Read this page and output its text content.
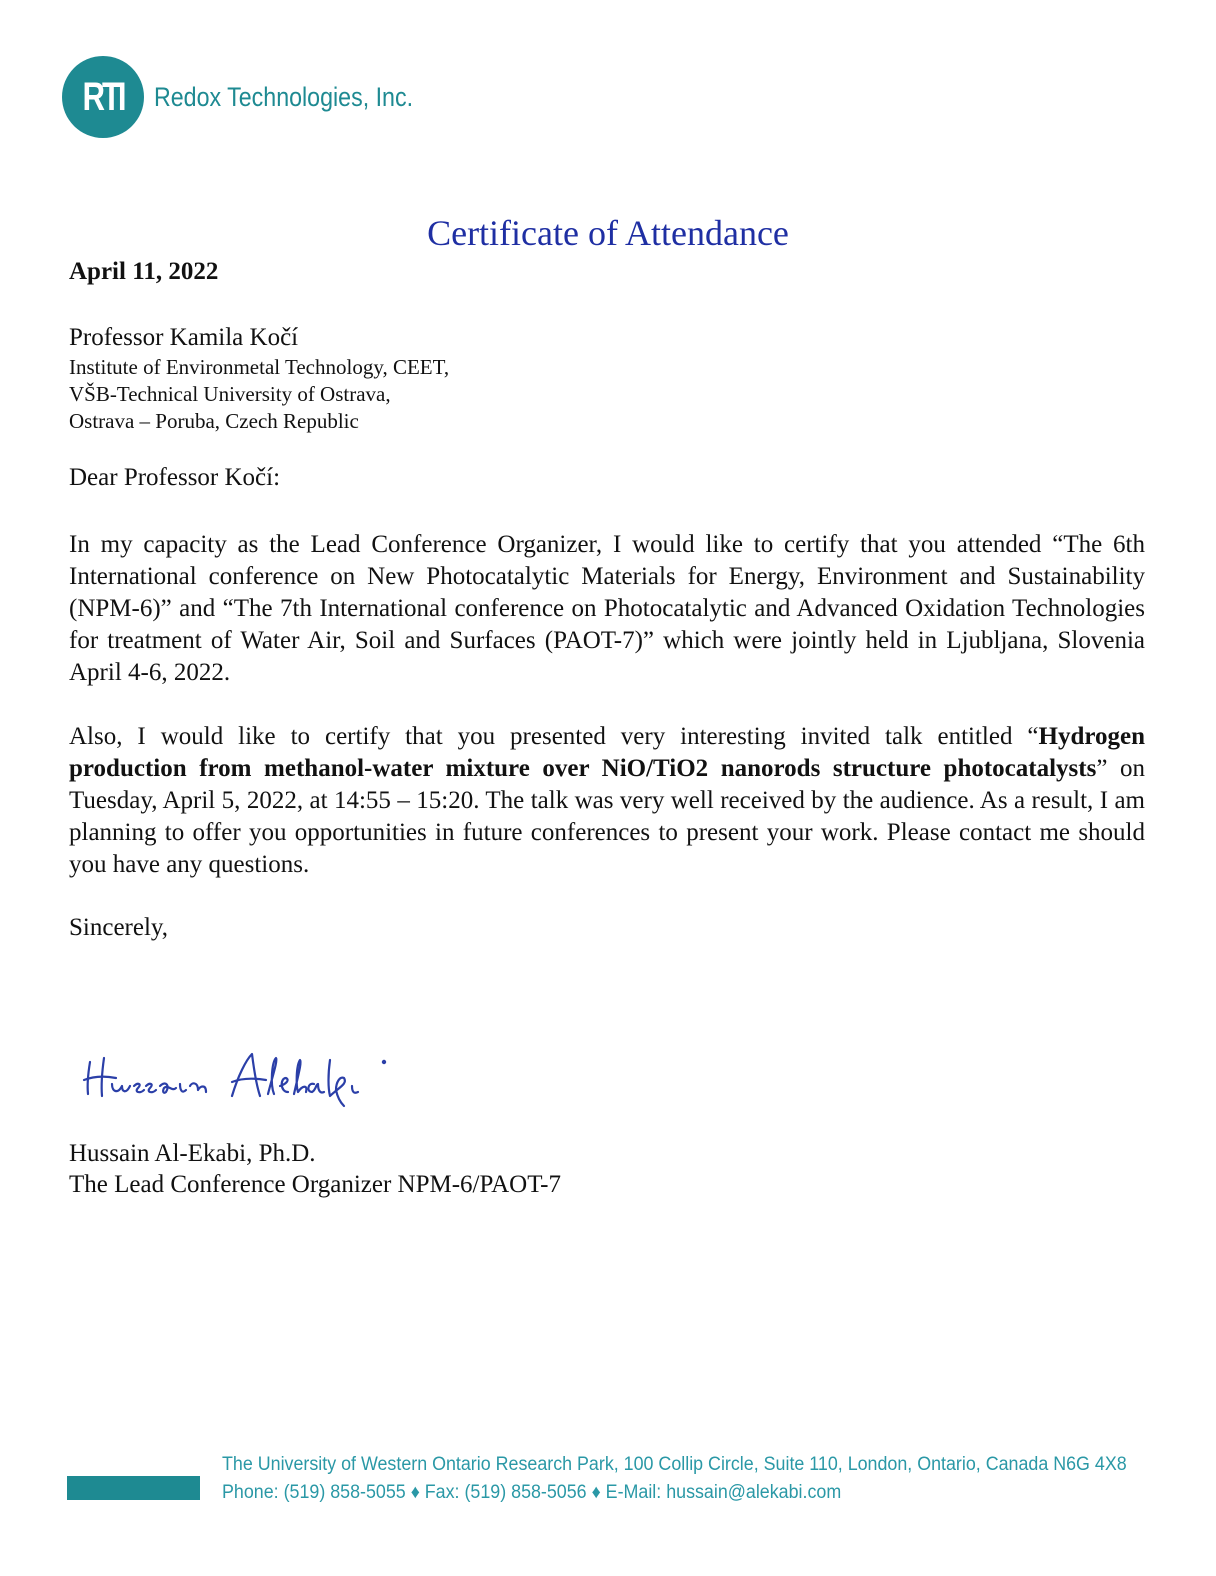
RTI	Redox Technologies, Inc.
Certificate of Attendance
April 11, 2022
Professor Kamila Kočí
Institute of Environmetal Technology, CEET,
VŠB-Technical University of Ostrava,
Ostrava – Poruba, Czech Republic
Dear Professor Kočí:

In my capacity as the Lead Conference Organizer, I would like to certify that you attended “The 6th International conference on New Photocatalytic Materials for Energy, Environment and Sustainability (NPM-6)” and “The 7th International conference on Photocatalytic and Advanced Oxidation Technologies for treatment of Water Air, Soil and Surfaces (PAOT-7)” which were jointly held in Ljubljana, Slovenia April 4-6, 2022.

Also, I would like to certify that you presented very interesting invited talk entitled “Hydrogen production from methanol-water mixture over NiO/TiO2 nanorods structure photocatalysts” on Tuesday, April 5, 2022, at 14:55 – 15:20. The talk was very well received by the audience. As a result, I am planning to offer you opportunities in future conferences to present your work. Please contact me should you have any questions.

Sincerely,
Hussain Al-Ekabi, Ph.D.
The Lead Conference Organizer NPM-6/PAOT-7
The University of Western Ontario Research Park, 100 Collip Circle, Suite 110, London, Ontario, Canada N6G 4X8
Phone: (519) 858-5055 ♦ Fax: (519) 858-5056 ♦ E-Mail: hussain@alekabi.com
